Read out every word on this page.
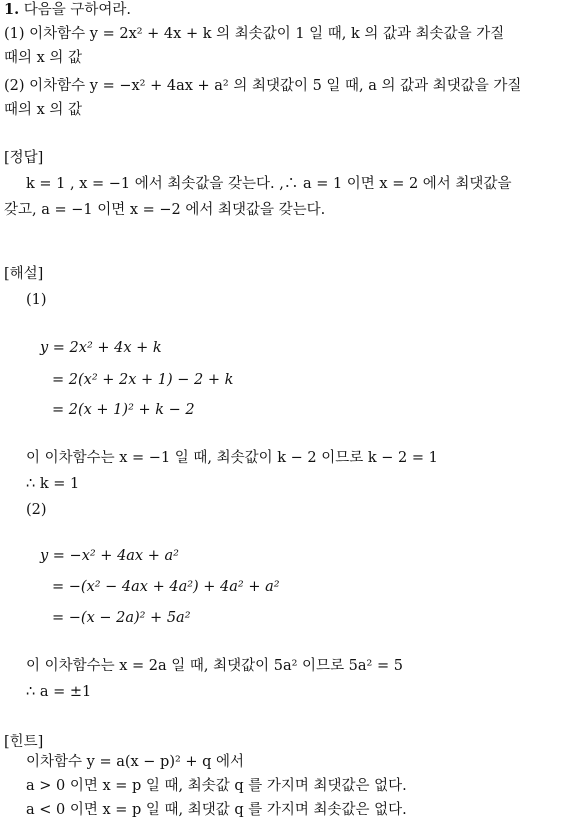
1. 다음을 구하여라.
(1) 이차함수 y = 2x² + 4x + k 의 최솟값이 1 일 때, k 의 값과 최솟값을 가질
때의 x 의 값
(2) 이차함수 y = −x² + 4ax + a² 의 최댓값이 5 일 때, a 의 값과 최댓값을 가질
때의 x 의 값
[정답]
k = 1 , x = −1 에서 최솟값을 갖는다. ,∴ a = 1 이면 x = 2 에서 최댓값을
갖고, a = −1 이면 x = −2 에서 최댓값을 갖는다.
[해설]
(1)
y = 2x² + 4x + k
= 2(x² + 2x + 1) − 2 + k
= 2(x + 1)² + k − 2
이 이차함수는 x = −1 일 때, 최솟값이 k − 2 이므로 k − 2 = 1
∴ k = 1
(2)
y = −x² + 4ax + a²
= −(x² − 4ax + 4a²) + 4a² + a²
= −(x − 2a)² + 5a²
이 이차함수는 x = 2a 일 때, 최댓값이 5a² 이므로 5a² = 5
∴ a = ±1
[힌트]
이차함수 y = a(x − p)² + q 에서
a > 0 이면 x = p 일 때, 최솟값 q 를 가지며 최댓값은 없다.
a < 0 이면 x = p 일 때, 최댓값 q 를 가지며 최솟값은 없다.
